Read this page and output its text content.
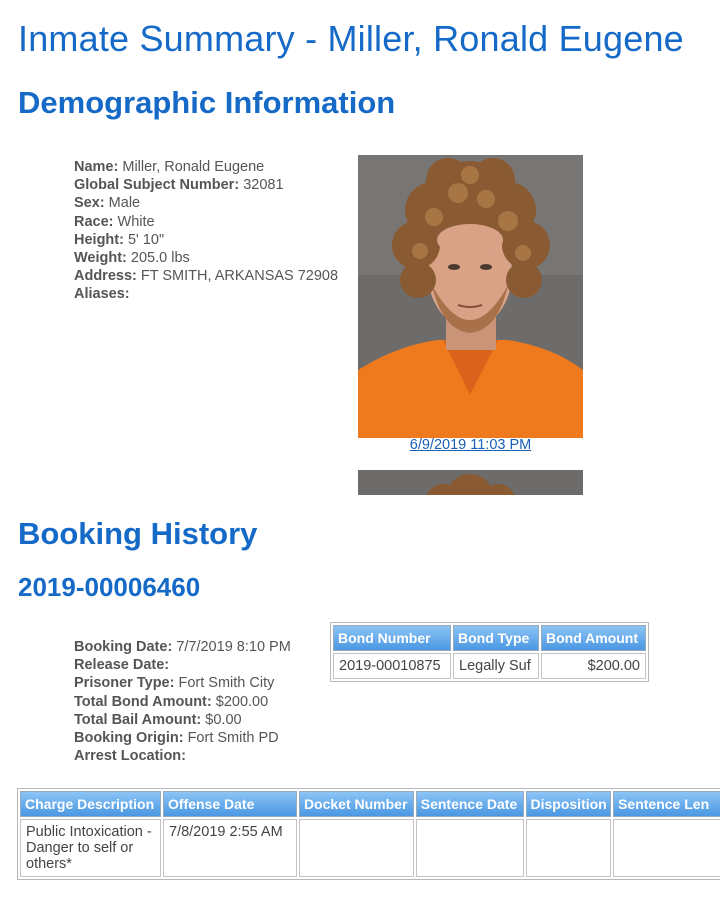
Inmate Summary - Miller, Ronald Eugene
Demographic Information
Name: Miller, Ronald Eugene
Global Subject Number: 32081
Sex: Male
Race: White
Height: 5' 10"
Weight: 205.0 lbs
Address: FT SMITH, ARKANSAS 72908
Aliases:
6/9/2019 11:03 PM
Booking History
2019-00006460
Booking Date: 7/7/2019 8:10 PM
Release Date:
Prisoner Type: Fort Smith City
Total Bond Amount: $200.00
Total Bail Amount: $0.00
Booking Origin: Fort Smith PD
Arrest Location:
Bond Number	Bond Type	Bond Amount
2019-00010875	Legally Suf	$200.00
Charge Description	Offense Date	Docket Number	Sentence Date	Disposition	Sentence Len
Public Intoxication - Danger to self or others*	7/8/2019 2:55 AM				
